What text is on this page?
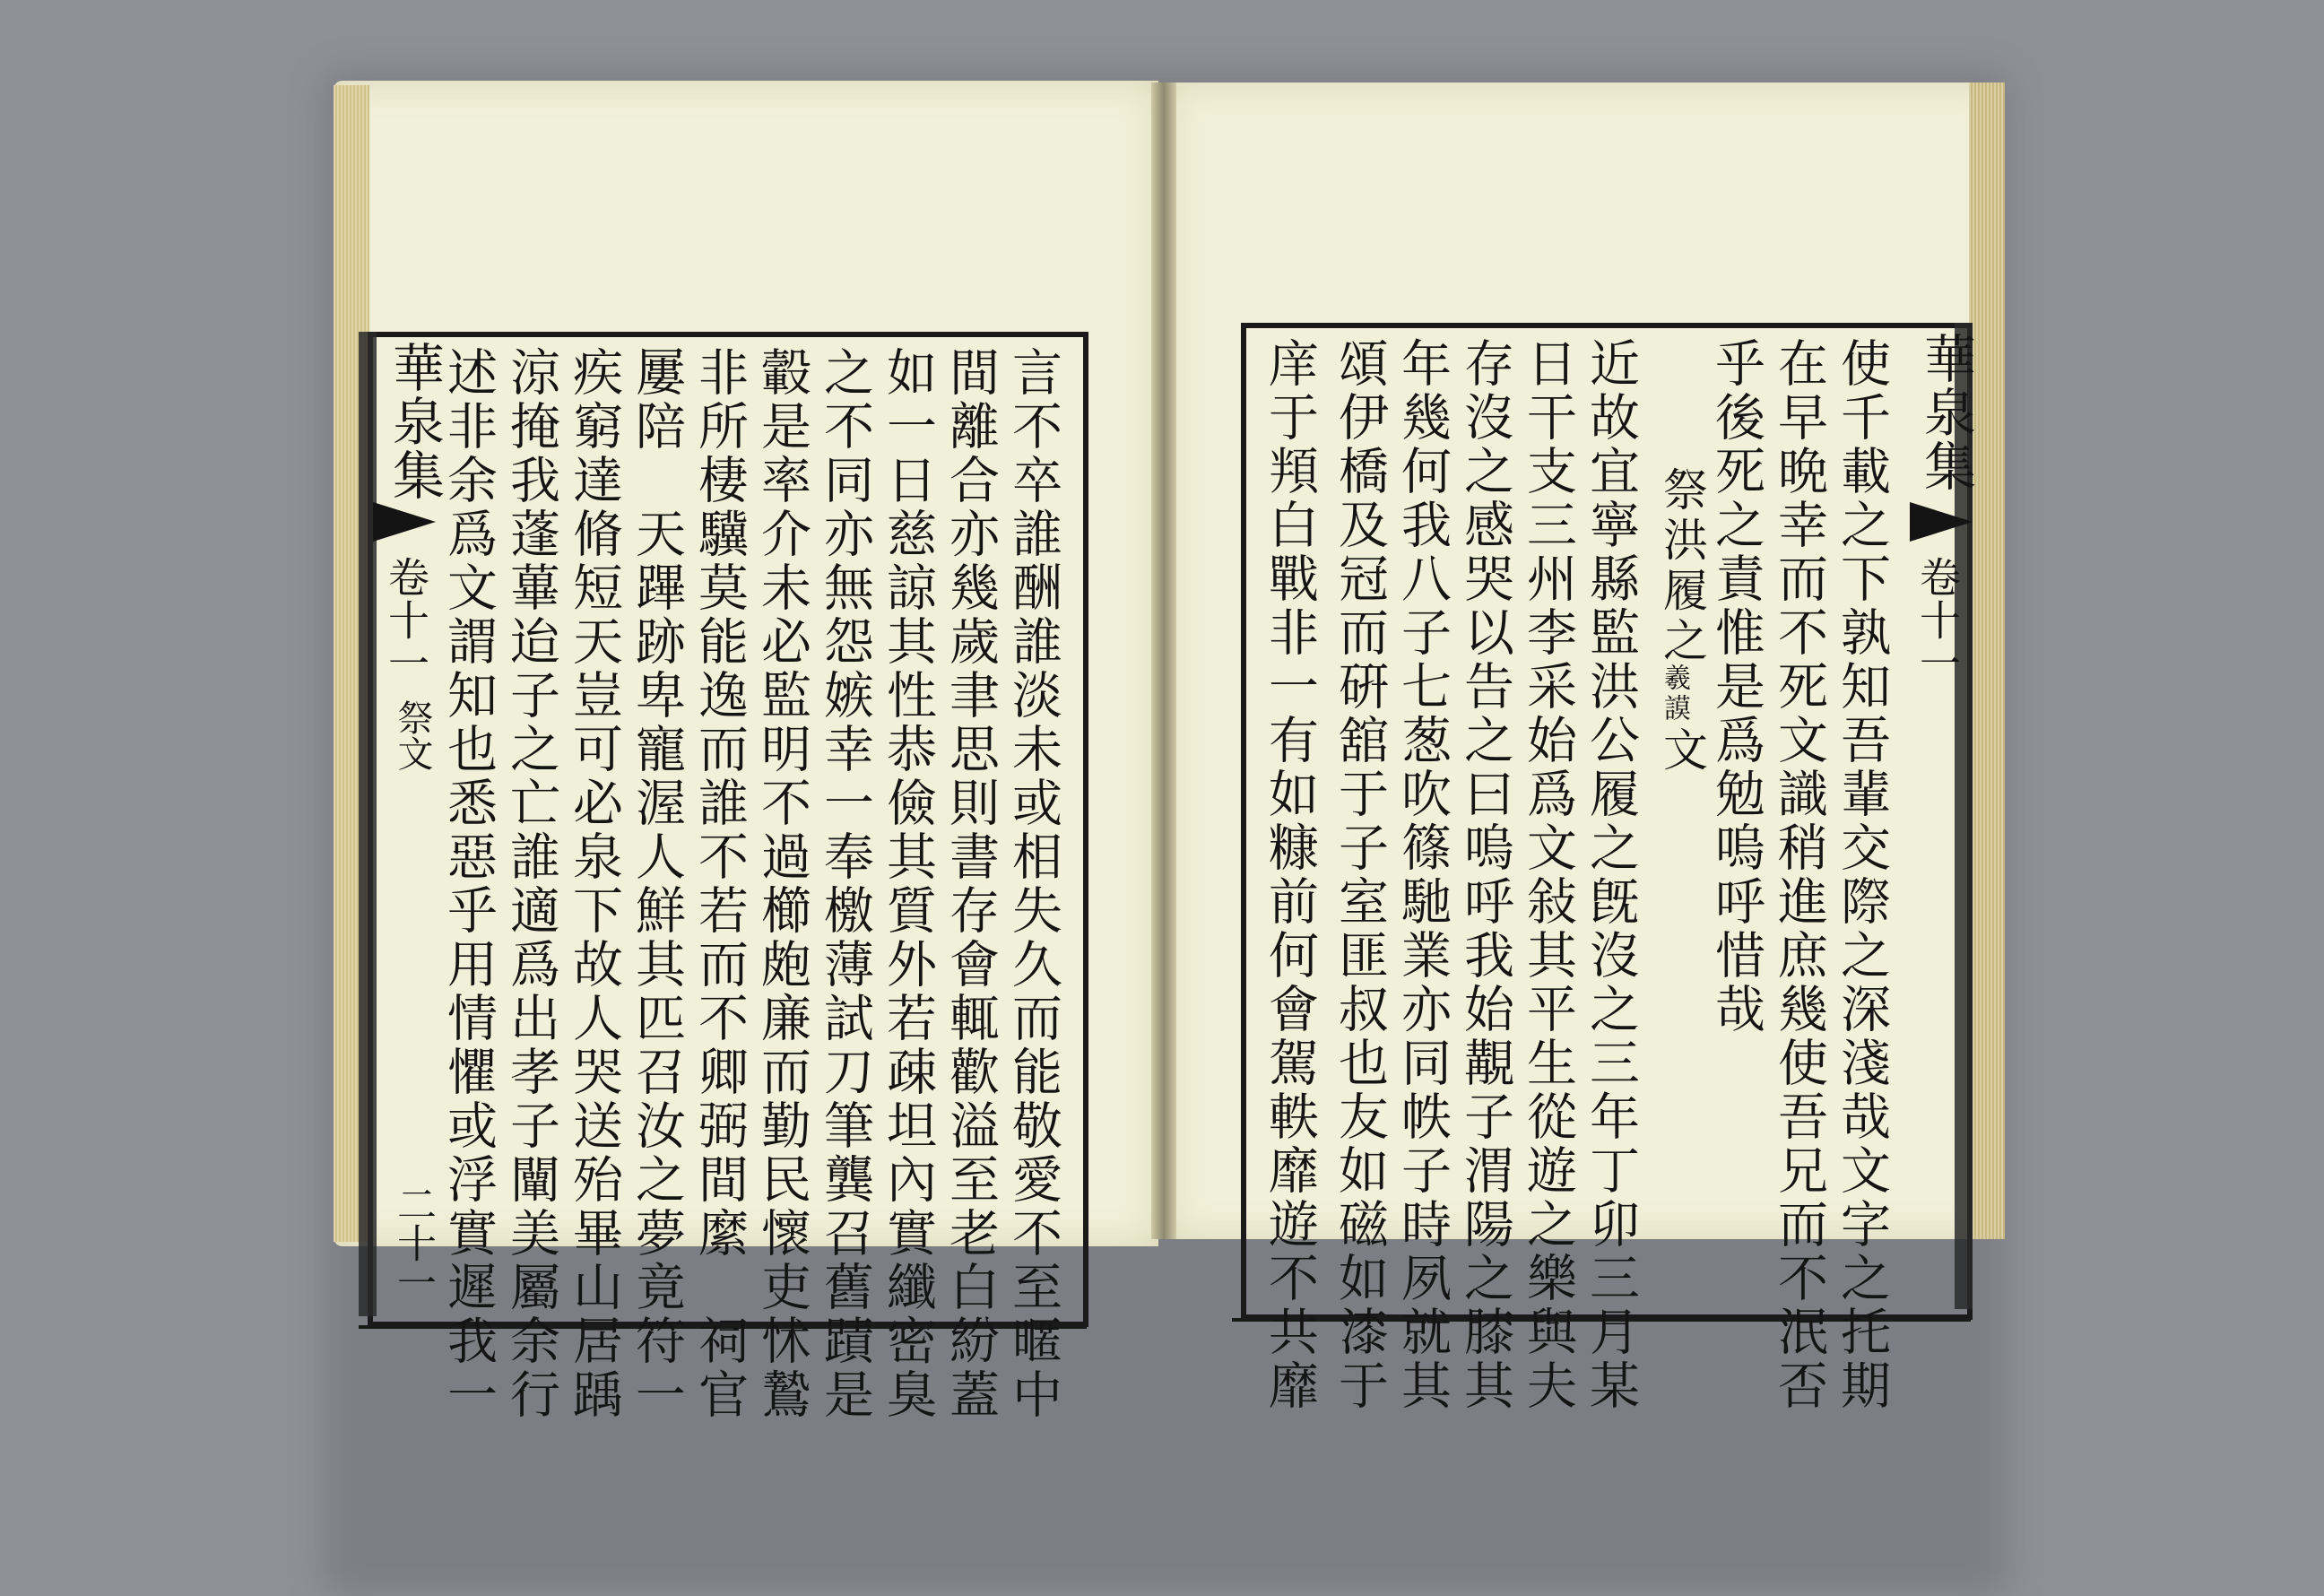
華泉集
卷十一
祭文
二十一	言不卒誰酬誰淡未或相失久而能敬愛不至暱中
間離合亦幾歲聿思則書存會輒歡溢至老白紛蓋
如一日慈諒其性恭儉其質外若疎坦內實纖密臭
之不同亦無怨嫉幸一奉檄薄試刀筆龔召舊蹟是
轂是率介未必監明不過櫛皰廉而勤民懷吏怵鷙
非所棲驥莫能逸而誰不若而不卿弼間縻　祠官
屢陪　天蹕跡卑寵渥人鮮其匹召汝之夢竟符一
疾窮達脩短天豈可必泉下故人哭送殆畢山居踽
涼掩我蓬蓽迨子之亡誰適爲出孝子闡美屬余行
述非余爲文謂知也悉惡乎用情懼或浮實遲我一	華泉集
卷十一
使千載之下孰知吾輩交際之深淺哉文字之托期
在早晩幸而不死文識稍進庶幾使吾兄而不泯否
乎後死之責惟是爲勉嗚呼惜哉
祭洪履之
羲謨
文
近故宜寧縣監洪公履之旣沒之三年丁卯三月某
日干支三州李采始爲文敍其平生從遊之樂與夫
存沒之感哭以告之曰嗚呼我始覯子渭陽之膝其
年幾何我八子七葱吹篠馳業亦同帙子時夙就其
頌伊橋及冠而硏舘于子室匪叔也友如磁如漆于
庠于頖白戰非一有如糠前何會駕軼靡遊不共靡
